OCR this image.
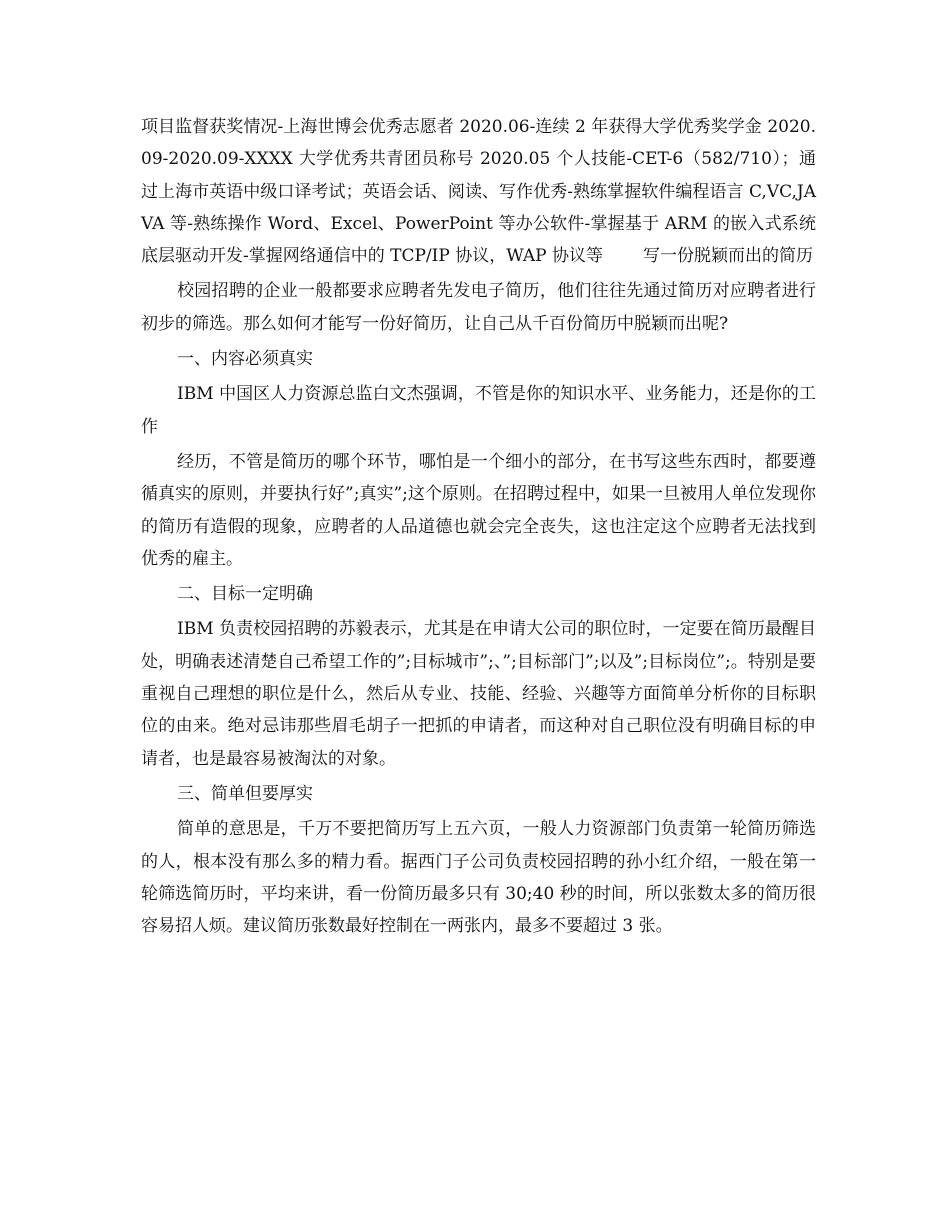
项目监督获奖情况-上海世博会优秀志愿者 2020.06-连续 2 年获得大学优秀奖学金 2020.09-2020.09-XXXX 大学优秀共青团员称号 2020.05 个人技能-CET-6（582/710）；通过上海市英语中级口译考试；英语会话、阅读、写作优秀-熟练掌握软件编程语言 C,VC,JAVA 等-熟练操作 Word、Excel、PowerPoint 等办公软件-掌握基于 ARM 的嵌入式系统底层驱动开发-掌握网络通信中的 TCP/IP 协议，WAP 协议等 写一份脱颖而出的简历

校园招聘的企业一般都要求应聘者先发电子简历，他们往往先通过简历对应聘者进行初步的筛选。那么如何才能写一份好简历，让自己从千百份简历中脱颖而出呢?

一、内容必须真实

IBM 中国区人力资源总监白文杰强调，不管是你的知识水平、业务能力，还是你的工作

经历，不管是简历的哪个环节，哪怕是一个细小的部分，在书写这些东西时，都要遵循真实的原则，并要执行好”;真实”;这个原则。在招聘过程中，如果一旦被用人单位发现你的简历有造假的现象，应聘者的人品道德也就会完全丧失，这也注定这个应聘者无法找到优秀的雇主。

二、目标一定明确

IBM 负责校园招聘的苏毅表示，尤其是在申请大公司的职位时，一定要在简历最醒目处，明确表述清楚自己希望工作的”;目标城市”;、”;目标部门”;以及”;目标岗位”;。特别是要重视自己理想的职位是什么，然后从专业、技能、经验、兴趣等方面简单分析你的目标职位的由来。绝对忌讳那些眉毛胡子一把抓的申请者，而这种对自己职位没有明确目标的申请者，也是最容易被淘汰的对象。

三、简单但要厚实

简单的意思是，千万不要把简历写上五六页，一般人力资源部门负责第一轮简历筛选的人，根本没有那么多的精力看。据西门子公司负责校园招聘的孙小红介绍，一般在第一轮筛选简历时，平均来讲，看一份简历最多只有 30;40 秒的时间，所以张数太多的简历很容易招人烦。建议简历张数最好控制在一两张内，最多不要超过 3 张。
